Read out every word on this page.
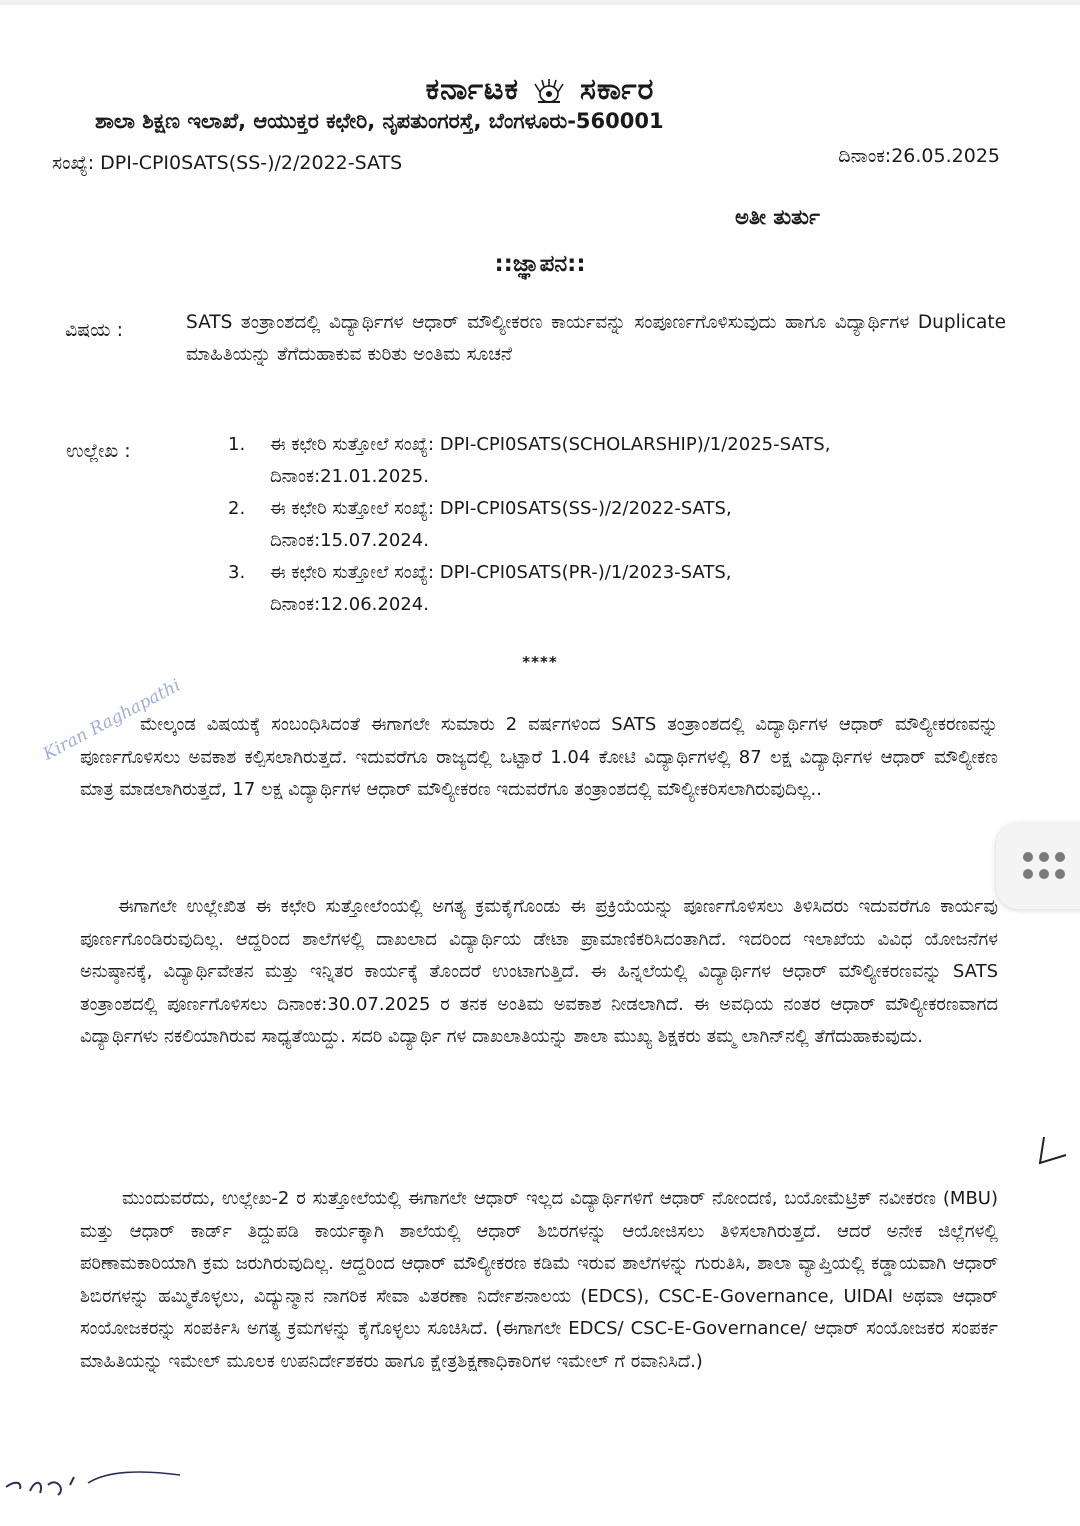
ಕರ್ನಾಟಕ ಸರ್ಕಾರ
ಶಾಲಾ ಶಿಕ್ಷಣ ಇಲಾಖೆ, ಆಯುಕ್ತರ ಕಛೇರಿ, ನೃಪತುಂಗರಸ್ತೆ, ಬೆಂಗಳೂರು-560001
ಸಂಖ್ಯೆ: DPI-CPI0SATS(SS-)/2/2022-SATS	ದಿನಾಂಕ:26.05.2025
ಅತೀ ತುರ್ತು
::ಜ್ಞಾಪನ::
ವಿಷಯ :	SATS ತಂತ್ರಾಂಶದಲ್ಲಿ ವಿದ್ಯಾರ್ಥಿಗಳ ಆಧಾರ್ ಮೌಲ್ಯೀಕರಣ ಕಾರ್ಯವನ್ನು ಸಂಪೂರ್ಣಗೊಳಿಸುವುದು ಹಾಗೂ ವಿದ್ಯಾರ್ಥಿಗಳ Duplicate ಮಾಹಿತಿಯನ್ನು ತೆಗೆದುಹಾಕುವ ಕುರಿತು ಅಂತಿಮ ಸೂಚನೆ
ಉಲ್ಲೇಖ :	1. ಈ ಕಛೇರಿ ಸುತ್ತೋಲೆ ಸಂಖ್ಯೆ: DPI-CPI0SATS(SCHOLARSHIP)/1/2025-SATS,
ದಿನಾಂಕ:21.01.2025.
2. ಈ ಕಛೇರಿ ಸುತ್ತೋಲೆ ಸಂಖ್ಯೆ: DPI-CPI0SATS(SS-)/2/2022-SATS,
ದಿನಾಂಕ:15.07.2024.
3. ಈ ಕಛೇರಿ ಸುತ್ತೋಲೆ ಸಂಖ್ಯೆ: DPI-CPI0SATS(PR-)/1/2023-SATS,
ದಿನಾಂಕ:12.06.2024.
****
Kiran Raghapathi
ಮೇಲ್ಕಂಡ ವಿಷಯಕ್ಕೆ ಸಂಬಂಧಿಸಿದಂತೆ ಈಗಾಗಲೇ ಸುಮಾರು 2 ವರ್ಷಗಳಿಂದ SATS ತಂತ್ರಾಂಶದಲ್ಲಿ ವಿದ್ಯಾರ್ಥಿಗಳ ಆಧಾರ್ ಮೌಲ್ಯೀಕರಣವನ್ನು ಪೂರ್ಣಗೊಳಿಸಲು ಅವಕಾಶ ಕಲ್ಪಿಸಲಾಗಿರುತ್ತದೆ. ಇದುವರೆಗೂ ರಾಜ್ಯದಲ್ಲಿ ಒಟ್ಟಾರೆ 1.04 ಕೋಟಿ ವಿದ್ಯಾರ್ಥಿಗಳಲ್ಲಿ 87 ಲಕ್ಷ ವಿದ್ಯಾರ್ಥಿಗಳ ಆಧಾರ್ ಮೌಲ್ಯೀಕಣ ಮಾತ್ರ ಮಾಡಲಾಗಿರುತ್ತದೆ, 17 ಲಕ್ಷ ವಿದ್ಯಾರ್ಥಿಗಳ ಆಧಾರ್ ಮೌಲ್ಯೀಕರಣ ಇದುವರೆಗೂ ತಂತ್ರಾಂಶದಲ್ಲಿ ಮೌಲ್ಯೀಕರಿಸಲಾಗಿರುವುದಿಲ್ಲ..
ಈಗಾಗಲೇ ಉಲ್ಲೇಖಿತ ಈ ಕಛೇರಿ ಸುತ್ತೋಲೆಂಯಲ್ಲಿ ಅಗತ್ಯ ಕ್ರಮಕೈಗೊಂಡು ಈ ಪ್ರಕ್ರಿಯೆಯನ್ನು ಪೂರ್ಣಗೊಳಿಸಲು ತಿಳಿಸಿದರು ಇದುವರೆಗೂ ಕಾರ್ಯವು ಪೂರ್ಣಗೊಂಡಿರುವುದಿಲ್ಲ. ಆದ್ದರಿಂದ ಶಾಲೆಗಳಲ್ಲಿ ದಾಖಲಾದ ವಿದ್ಯಾರ್ಥಿಯ ಡೇಟಾ ಪ್ರಾಮಾಣಿಕರಿಸಿದಂತಾಗಿದೆ. ಇದರಿಂದ ಇಲಾಖೆಯ ವಿವಿಧ ಯೋಜನೆಗಳ ಅನುಷ್ಠಾನಕ್ಕೆ, ವಿದ್ಯಾರ್ಥಿವೇತನ ಮತ್ತು ಇನ್ನಿತರ ಕಾರ್ಯಕ್ಕೆ ತೊಂದರೆ ಉಂಟಾಗುತ್ತಿದೆ. ಈ ಹಿನ್ನಲೆಯಲ್ಲಿ ವಿದ್ಯಾರ್ಥಿಗಳ ಆಧಾರ್ ಮೌಲ್ಯೀಕರಣವನ್ನು SATS ತಂತ್ರಾಂಶದಲ್ಲಿ ಪೂರ್ಣಗೊಳಿಸಲು ದಿನಾಂಕ:30.07.2025 ರ ತನಕ ಅಂತಿಮ ಅವಕಾಶ ನೀಡಲಾಗಿದೆ. ಈ ಅವಧಿಯ ನಂತರ ಆಧಾರ್ ಮೌಲ್ಯೀಕರಣವಾಗದ ವಿದ್ಯಾರ್ಥಿಗಳು ನಕಲಿಯಾಗಿರುವ ಸಾಧ್ಯತೆಯಿದ್ದು. ಸದರಿ ವಿದ್ಯಾರ್ಥಿ ಗಳ ದಾಖಲಾತಿಯನ್ನು ಶಾಲಾ ಮುಖ್ಯ ಶಿಕ್ಷಕರು ತಮ್ಮ ಲಾಗಿನ್‌ನಲ್ಲಿ ತೆಗೆದುಹಾಕುವುದು.
ಮುಂದುವರೆದು, ಉಲ್ಲೇಖ-2 ರ ಸುತ್ತೋಲೆಯಲ್ಲಿ ಈಗಾಗಲೇ ಆಧಾರ್ ಇಲ್ಲದ ವಿದ್ಯಾರ್ಥಿಗಳಿಗೆ ಆಧಾರ್ ನೋಂದಣಿ, ಬಯೋಮೆಟ್ರಿಕ್ ನವೀಕರಣ (MBU) ಮತ್ತು ಆಧಾರ್ ಕಾರ್ಡ್ ತಿದ್ದುಪಡಿ ಕಾರ್ಯಕ್ಕಾಗಿ ಶಾಲೆಯಲ್ಲಿ ಆಧಾರ್ ಶಿಬಿರಗಳನ್ನು ಆಯೋಜಿಸಲು ತಿಳಿಸಲಾಗಿರುತ್ತದೆ. ಆದರೆ ಅನೇಕ ಜಿಲ್ಲೆಗಳಲ್ಲಿ ಪರಿಣಾಮಕಾರಿಯಾಗಿ ಕ್ರಮ ಜರುಗಿರುವುದಿಲ್ಲ. ಆದ್ದರಿಂದ ಆಧಾರ್ ಮೌಲ್ಯೀಕರಣ ಕಡಿಮೆ ಇರುವ ಶಾಲೆಗಳನ್ನು ಗುರುತಿಸಿ, ಶಾಲಾ ವ್ಯಾಪ್ತಿಯಲ್ಲಿ ಕಡ್ಡಾಯವಾಗಿ ಆಧಾರ್ ಶಿಬಿರಗಳನ್ನು ಹಮ್ಮಿಕೊಳ್ಳಲು, ವಿದ್ಯುನ್ಮಾನ ನಾಗರಿಕ ಸೇವಾ ವಿತರಣಾ ನಿರ್ದೇಶನಾಲಯ (EDCS), CSC-E-Governance, UIDAI ಅಥವಾ ಆಧಾರ್ ಸಂಯೋಜಕರನ್ನು ಸಂಪರ್ಕಿಸಿ ಅಗತ್ಯ ಕ್ರಮಗಳನ್ನು ಕೈಗೊಳ್ಳಲು ಸೂಚಿಸಿದೆ. (ಈಗಾಗಲೇ EDCS/ CSC-E-Governance/ ಆಧಾರ್ ಸಂಯೋಜಕರ ಸಂಪರ್ಕ ಮಾಹಿತಿಯನ್ನು ಇಮೇಲ್ ಮೂಲಕ ಉಪನಿರ್ದೇಶಕರು ಹಾಗೂ ಕ್ಷೇತ್ರಶಿಕ್ಷಣಾಧಿಕಾರಿಗಳ ಇಮೇಲ್ ಗೆ ರವಾನಿಸಿದೆ.)
